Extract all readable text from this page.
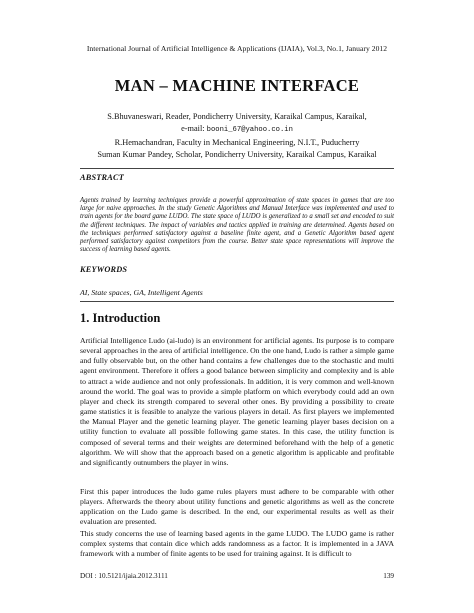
International Journal of Artificial Intelligence & Applications (IJAIA), Vol.3, No.1, January 2012
MAN – MACHINE INTERFACE
S.Bhuvaneswari, Reader, Pondicherry University, Karaikal Campus, Karaikal,
e-mail: booni_67@yahoo.co.in
R.Hemachandran, Faculty in Mechanical Engineering, N.I.T., Puducherry
Suman Kumar Pandey, Scholar, Pondicherry University, Karaikal Campus, Karaikal
ABSTRACT
Agents trained by learning techniques provide a powerful approximation of state spaces in games that are too large for naive approaches. In the study Genetic Algorithms and Manual Interface was implemented and used to train agents for the board game LUDO. The state space of LUDO is generalized to a small set and encoded to suit the different techniques. The impact of variables and tactics applied in training are determined. Agents based on the techniques performed satisfactory against a baseline finite agent, and a Genetic Algorithm based agent performed satisfactory against competitors from the course. Better state space representations will improve the success of learning based agents.
KEYWORDS
AI, State spaces, GA, Intelligent Agents
1. Introduction
Artificial Intelligence Ludo (ai-ludo) is an environment for artificial agents. Its purpose is to compare several approaches in the area of artificial intelligence. On the one hand, Ludo is rather a simple game and fully observable but, on the other hand contains a few challenges due to the stochastic and multi agent environment. Therefore it offers a good balance between simplicity and complexity and is able to attract a wide audience and not only professionals. In addition, it is very common and well-known around the world. The goal was to provide a simple platform on which everybody could add an own player and check its strength compared to several other ones. By providing a possibility to create game statistics it is feasible to analyze the various players in detail. As first players we implemented the Manual Player and the genetic learning player. The genetic learning player bases decision on a utility function to evaluate all possible following game states. In this case, the utility function is composed of several terms and their weights are determined beforehand with the help of a genetic algorithm. We will show that the approach based on a genetic algorithm is applicable and profitable and significantly outnumbers the player in wins.
First this paper introduces the ludo game rules players must adhere to be comparable with other players. Afterwards the theory about utility functions and genetic algorithms as well as the concrete application on the Ludo game is described. In the end, our experimental results as well as their evaluation are presented.
This study concerns the use of learning based agents in the game LUDO. The LUDO game is rather complex systems that contain dice which adds randomness as a factor. It is implemented in a JAVA framework with a number of finite agents to be used for training against. It is difficult to
DOI : 10.5121/ijaia.2012.3111	139
